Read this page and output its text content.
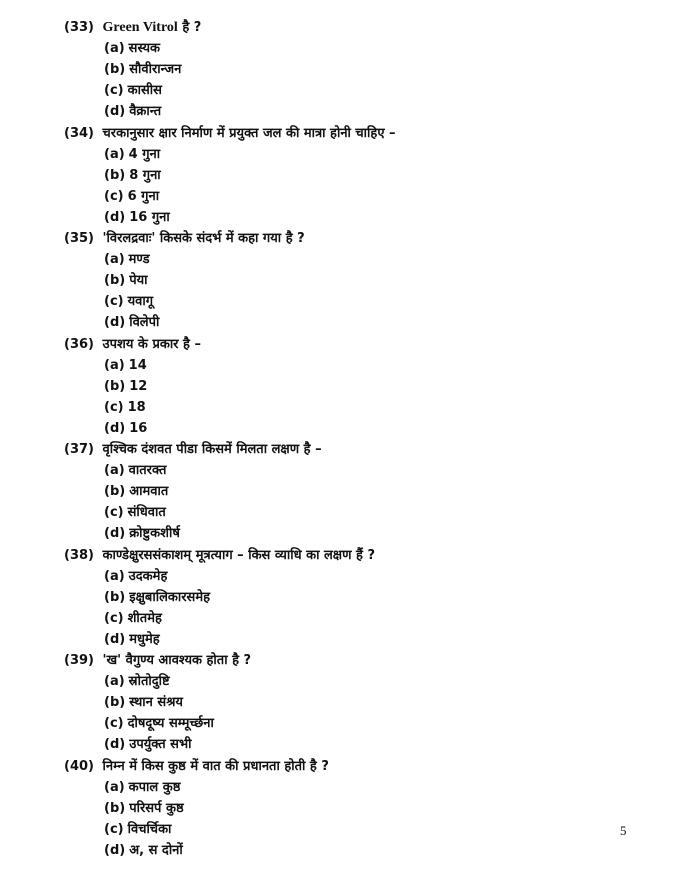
(33) Green Vitrol है ?
(a) सस्यक
(b) सौवीरान्जन
(c) कासीस
(d) वैक्रान्त
(34) चरकानुसार क्षार निर्माण में प्रयुक्त जल की मात्रा होनी चाहिए –
(a) 4 गुना
(b) 8 गुना
(c) 6 गुना
(d) 16 गुना
(35) 'विरलद्रवाः' किसके संदर्भ में कहा गया है ?
(a) मण्ड
(b) पेया
(c) यवागू
(d) विलेपी
(36) उपशय के प्रकार है –
(a) 14
(b) 12
(c) 18
(d) 16
(37) वृश्चिक दंशवत पीडा किसमें मिलता लक्षण है –
(a) वातरक्त
(b) आमवात
(c) संधिवात
(d) क्रोष्टुकशीर्ष
(38) काण्डेक्षुरससंकाशम् मूत्रत्याग – किस व्याधि का लक्षण हैं ?
(a) उदकमेह
(b) इक्षुबालिकारसमेह
(c) शीतमेह
(d) मधुमेह
(39) 'ख' वैगुण्य आवश्यक होता है ?
(a) स्रोतोदुष्टि
(b) स्थान संश्रय
(c) दोषदूष्य सम्मूर्च्छना
(d) उपर्युक्त सभी
(40) निम्न में किस कुष्ठ में वात की प्रधानता होती है ?
(a) कपाल कुष्ठ
(b) परिसर्प कुष्ठ
(c) विचर्चिका
(d) अ, स दोनों
5
